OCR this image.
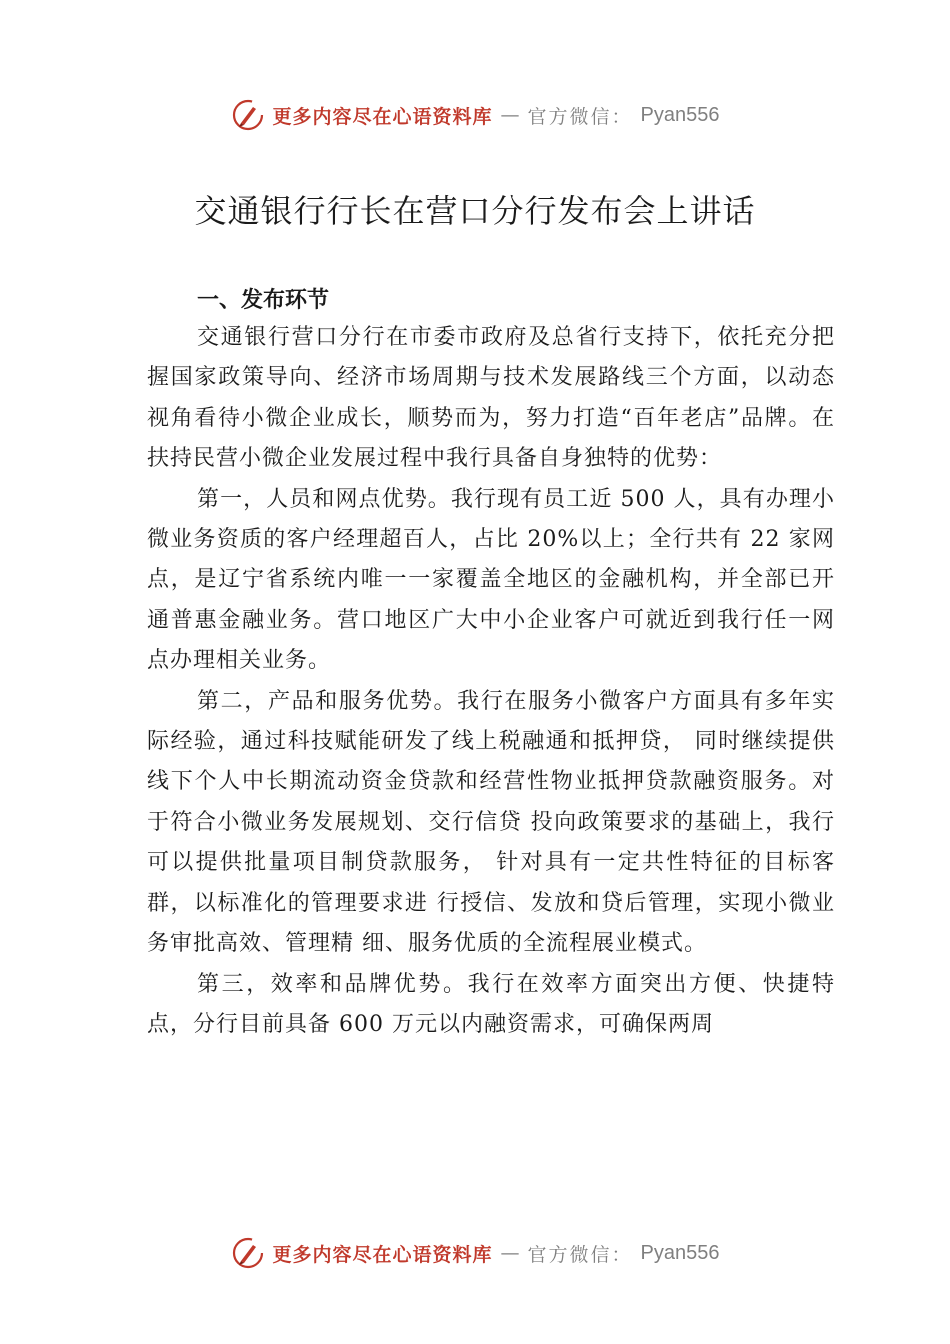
更多内容尽在心语资料库 — 官方微信： Pyan556
交通银行行长在营口分行发布会上讲话
一、发布环节

交通银行营口分行在市委市政府及总省行支持下，依托充分把握国家政策导向、经济市场周期与技术发展路线三个方面，以动态视角看待小微企业成长，顺势而为，努力打造“百年老店”品牌。在扶持民营小微企业发展过程中我行具备自身独特的优势：

第一，人员和网点优势。我行现有员工近 500 人，具有办理小微业务资质的客户经理超百人，占比 20%以上；全行共有 22 家网点，是辽宁省系统内唯一一家覆盖全地区的金融机构，并全部已开通普惠金融业务。营口地区广大中小企业客户可就近到我行任一网点办理相关业务。

第二，产品和服务优势。我行在服务小微客户方面具有多年实际经验，通过科技赋能研发了线上税融通和抵押贷， 同时继续提供线下个人中长期流动资金贷款和经营性物业抵押贷款融资服务。对于符合小微业务发展规划、交行信贷 投向政策要求的基础上，我行可以提供批量项目制贷款服务， 针对具有一定共性特征的目标客群，以标准化的管理要求进 行授信、发放和贷后管理，实现小微业务审批高效、管理精 细、服务优质的全流程展业模式。

第三，效率和品牌优势。我行在效率方面突出方便、快捷特点，分行目前具备 600 万元以内融资需求，可确保两周

更多内容尽在心语资料库 — 官方微信： Pyan556
